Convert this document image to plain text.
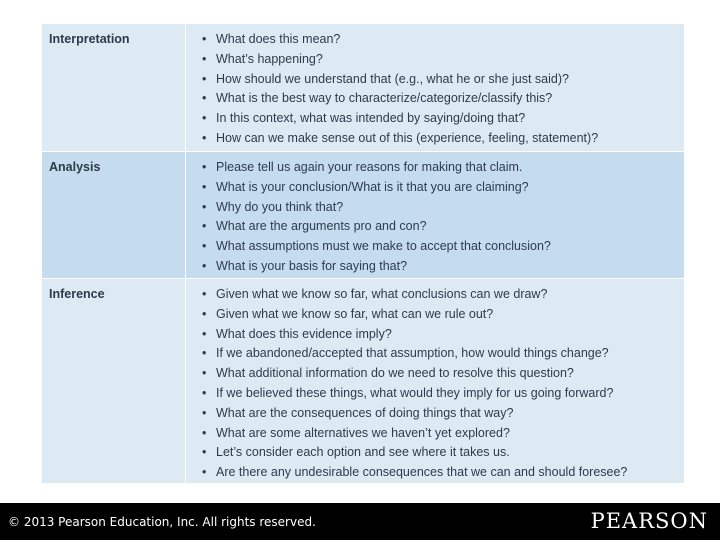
Interpretation	• What does this mean?
• What’s happening?
• How should we understand that (e.g., what he or she just said)?
• What is the best way to characterize/categorize/classify this?
• In this context, what was intended by saying/doing that?
• How can we make sense out of this (experience, feeling, statement)?
Analysis	• Please tell us again your reasons for making that claim.
• What is your conclusion/What is it that you are claiming?
• Why do you think that?
• What are the arguments pro and con?
• What assumptions must we make to accept that conclusion?
• What is your basis for saying that?
Inference	• Given what we know so far, what conclusions can we draw?
• Given what we know so far, what can we rule out?
• What does this evidence imply?
• If we abandoned/accepted that assumption, how would things change?
• What additional information do we need to resolve this question?
• If we believed these things, what would they imply for us going forward?
• What are the consequences of doing things that way?
• What are some alternatives we haven’t yet explored?
• Let’s consider each option and see where it takes us.
• Are there any undesirable consequences that we can and should foresee?
© 2013 Pearson Education, Inc. All rights reserved.	PEARSON
